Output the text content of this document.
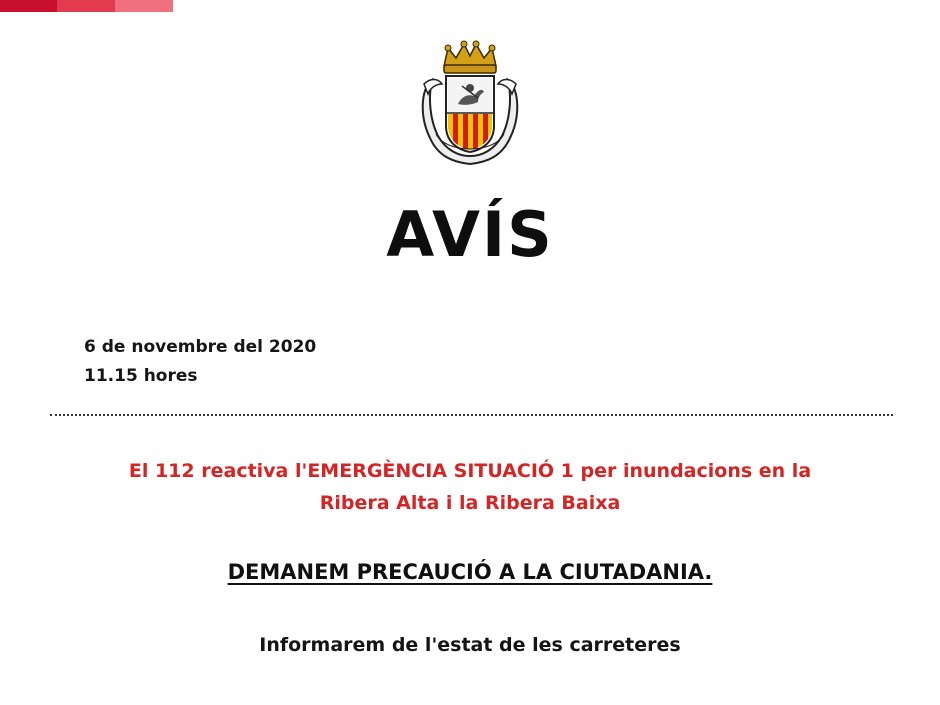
AVÍS
6 de novembre del 2020
11.15 hores
El 112 reactiva l'EMERGÈNCIA SITUACIÓ 1 per inundacions en la
Ribera Alta i la Ribera Baixa
DEMANEM PRECAUCIÓ A LA CIUTADANIA.
Informarem de l'estat de les carreteres
